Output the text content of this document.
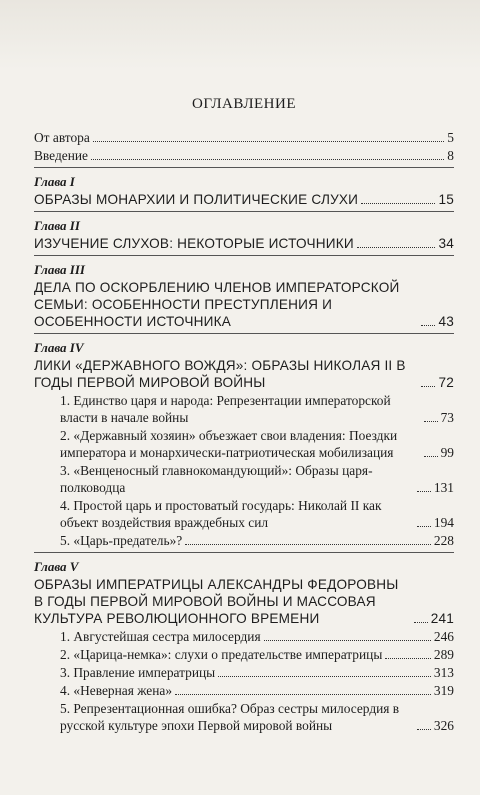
ОГЛАВЛЕНИЕ
От автора	5
Введение	8
Глава I
ОБРАЗЫ МОНАРХИИ И ПОЛИТИЧЕСКИЕ СЛУХИ	15
Глава II
ИЗУЧЕНИЕ СЛУХОВ: НЕКОТОРЫЕ ИСТОЧНИКИ	34
Глава III
ДЕЛА ПО ОСКОРБЛЕНИЮ ЧЛЕНОВ ИМПЕРАТОРСКОЙ СЕМЬИ: ОСОБЕННОСТИ ПРЕСТУПЛЕНИЯ И ОСОБЕННОСТИ ИСТОЧНИКА	43
Глава IV
ЛИКИ «ДЕРЖАВНОГО ВОЖДЯ»: ОБРАЗЫ НИКОЛАЯ II В ГОДЫ ПЕРВОЙ МИРОВОЙ ВОЙНЫ	72
1. Единство царя и народа: Репрезентации императорской власти в начале войны	73
2. «Державный хозяин» объезжает свои владения: Поездки императора и монархически-патриотическая мобилизация	99
3. «Венценосный главнокомандующий»: Образы царя-полководца	131
4. Простой царь и простоватый государь: Николай II как объект воздействия враждебных сил	194
5. «Царь-предатель»?	228
Глава V
ОБРАЗЫ ИМПЕРАТРИЦЫ АЛЕКСАНДРЫ ФЕДОРОВНЫ В ГОДЫ ПЕРВОЙ МИРОВОЙ ВОЙНЫ И МАССОВАЯ КУЛЬТУРА РЕВОЛЮЦИОННОГО ВРЕМЕНИ	241
1. Августейшая сестра милосердия	246
2. «Царица-немка»: слухи о предательстве императрицы	289
3. Правление императрицы	313
4. «Неверная жена»	319
5. Репрезентационная ошибка? Образ сестры милосердия в русской культуре эпохи Первой мировой войны	326
